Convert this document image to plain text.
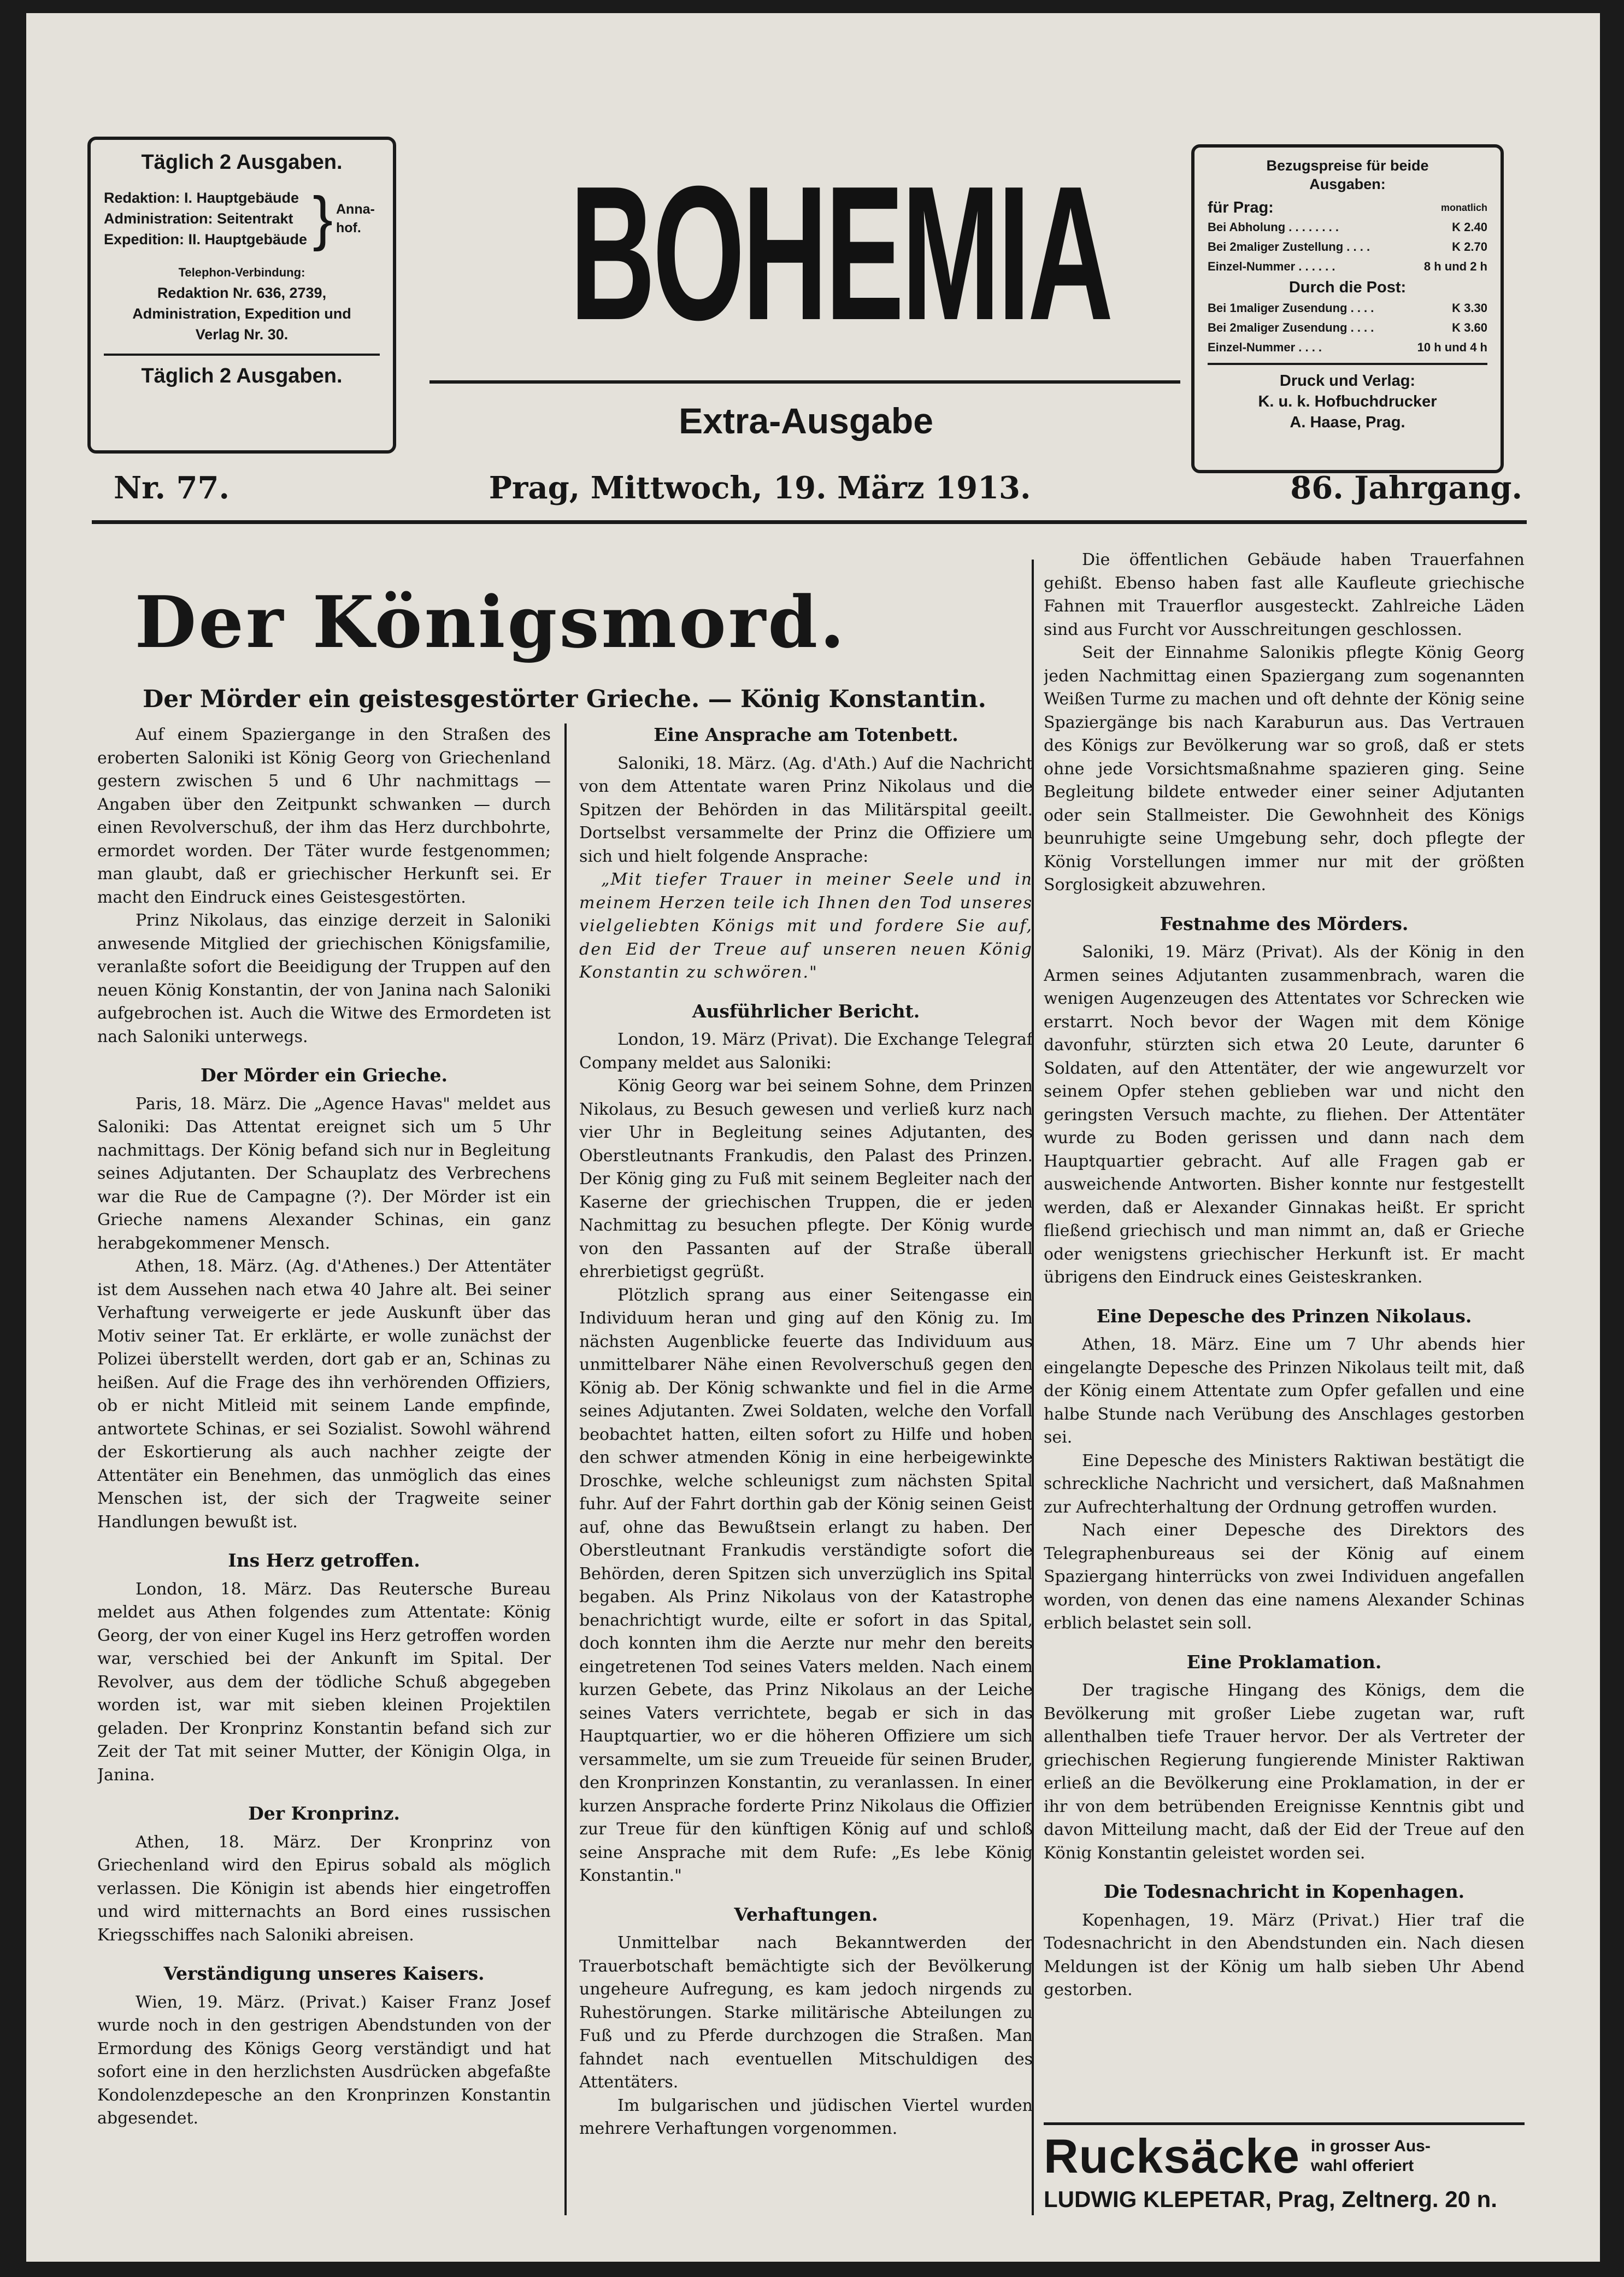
Täglich 2 Ausgaben.
Redaktion: I. Hauptgebäude
Administration: Seitentrakt
Expedition: II. Hauptgebäude } Anna-hof.
Telephon-Verbindung:
Redaktion Nr. 636, 2739,
Administration, Expedition und
Verlag Nr. 30.
Täglich 2 Ausgaben.
BOHEMIA
Extra-Ausgabe
Bezugspreise für beide
Ausgaben:
für Prag:	monatlich
Bei Abholung . . . . . . . .	K 2.40
Bei 2maliger Zustellung . . . .	K 2.70
Einzel-Nummer . . . . . .	8 h und 2 h
Durch die Post:
Bei 1maliger Zusendung . . . .	K 3.30
Bei 2maliger Zusendung . . . .	K 3.60
Einzel-Nummer . . . .	10 h und 4 h
Druck und Verlag:
K. u. k. Hofbuchdrucker
A. Haase, Prag.
Nr. 77.	Prag, Mittwoch, 19. März 1913.	86. Jahrgang.
Der Königsmord.
Der Mörder ein geistesgestörter Grieche. — König Konstantin.

Auf einem Spaziergange in den Straßen des eroberten Saloniki ist König Georg von Griechenland gestern zwischen 5 und 6 Uhr nachmittags — Angaben über den Zeitpunkt schwanken — durch einen Revolverschuß, der ihm das Herz durchbohrte, ermordet worden. Der Täter wurde festgenommen; man glaubt, daß er griechischer Herkunft sei. Er macht den Eindruck eines Geistesgestörten.

Prinz Nikolaus, das einzige derzeit in Saloniki anwesende Mitglied der griechischen Königsfamilie, veranlaßte sofort die Beeidigung der Truppen auf den neuen König Konstantin, der von Janina nach Saloniki aufgebrochen ist. Auch die Witwe des Ermordeten ist nach Saloniki unterwegs.

Der Mörder ein Grieche.

Paris, 18. März. Die „Agence Havas" meldet aus Saloniki: Das Attentat ereignet sich um 5 Uhr nachmittags. Der König befand sich nur in Begleitung seines Adjutanten. Der Schauplatz des Verbrechens war die Rue de Campagne (?). Der Mörder ist ein Grieche namens Alexander Schinas, ein ganz herabgekommener Mensch.

Athen, 18. März. (Ag. d'Athenes.) Der Attentäter ist dem Aussehen nach etwa 40 Jahre alt. Bei seiner Verhaftung verweigerte er jede Auskunft über das Motiv seiner Tat. Er erklärte, er wolle zunächst der Polizei überstellt werden, dort gab er an, Schinas zu heißen. Auf die Frage des ihn verhörenden Offiziers, ob er nicht Mitleid mit seinem Lande empfinde, antwortete Schinas, er sei Sozialist. Sowohl während der Eskortierung als auch nachher zeigte der Attentäter ein Benehmen, das unmöglich das eines Menschen ist, der sich der Tragweite seiner Handlungen bewußt ist.

Ins Herz getroffen.

London, 18. März. Das Reutersche Bureau meldet aus Athen folgendes zum Attentate: König Georg, der von einer Kugel ins Herz getroffen worden war, verschied bei der Ankunft im Spital. Der Revolver, aus dem der tödliche Schuß abgegeben worden ist, war mit sieben kleinen Projektilen geladen. Der Kronprinz Konstantin befand sich zur Zeit der Tat mit seiner Mutter, der Königin Olga, in Janina.

Der Kronprinz.

Athen, 18. März. Der Kronprinz von Griechenland wird den Epirus sobald als möglich verlassen. Die Königin ist abends hier eingetroffen und wird mitternachts an Bord eines russischen Kriegsschiffes nach Saloniki abreisen.

Verständigung unseres Kaisers.

Wien, 19. März. (Privat.) Kaiser Franz Josef wurde noch in den gestrigen Abendstunden von der Ermordung des Königs Georg verständigt und hat sofort eine in den herzlichsten Ausdrücken abgefaßte Kondolenzdepesche an den Kronprinzen Konstantin abgesendet.

Eine Ansprache am Totenbett.

Saloniki, 18. März. (Ag. d'Ath.) Auf die Nachricht von dem Attentate waren Prinz Nikolaus und die Spitzen der Behörden in das Militärspital geeilt. Dortselbst versammelte der Prinz die Offiziere um sich und hielt folgende Ansprache:

„Mit tiefer Trauer in meiner Seele und in meinem Herzen teile ich Ihnen den Tod unseres vielgeliebten Königs mit und fordere Sie auf, den Eid der Treue auf unseren neuen König Konstantin zu schwören."

Ausführlicher Bericht.

London, 19. März (Privat). Die Exchange Telegraf Company meldet aus Saloniki:

König Georg war bei seinem Sohne, dem Prinzen Nikolaus, zu Besuch gewesen und verließ kurz nach vier Uhr in Begleitung seines Adjutanten, des Oberstleutnants Frankudis, den Palast des Prinzen. Der König ging zu Fuß mit seinem Begleiter nach der Kaserne der griechischen Truppen, die er jeden Nachmittag zu besuchen pflegte. Der König wurde von den Passanten auf der Straße überall ehrerbietigst gegrüßt.

Plötzlich sprang aus einer Seitengasse ein Individuum heran und ging auf den König zu. Im nächsten Augenblicke feuerte das Individuum aus unmittelbarer Nähe einen Revolverschuß gegen den König ab. Der König schwankte und fiel in die Arme seines Adjutanten. Zwei Soldaten, welche den Vorfall beobachtet hatten, eilten sofort zu Hilfe und hoben den schwer atmenden König in eine herbeigewinkte Droschke, welche schleunigst zum nächsten Spital fuhr. Auf der Fahrt dorthin gab der König seinen Geist auf, ohne das Bewußtsein erlangt zu haben. Der Oberstleutnant Frankudis verständigte sofort die Behörden, deren Spitzen sich unverzüglich ins Spital begaben. Als Prinz Nikolaus von der Katastrophe benachrichtigt wurde, eilte er sofort in das Spital, doch konnten ihm die Aerzte nur mehr den bereits eingetretenen Tod seines Vaters melden. Nach einem kurzen Gebete, das Prinz Nikolaus an der Leiche seines Vaters verrichtete, begab er sich in das Hauptquartier, wo er die höheren Offiziere um sich versammelte, um sie zum Treueide für seinen Bruder, den Kronprinzen Konstantin, zu veranlassen. In einer kurzen Ansprache forderte Prinz Nikolaus die Offizier zur Treue für den künftigen König auf und schloß seine Ansprache mit dem Rufe: „Es lebe König Konstantin."

Verhaftungen.

Unmittelbar nach Bekanntwerden der Trauerbotschaft bemächtigte sich der Bevölkerung ungeheure Aufregung, es kam jedoch nirgends zu Ruhestörungen. Starke militärische Abteilungen zu Fuß und zu Pferde durchzogen die Straßen. Man fahndet nach eventuellen Mitschuldigen des Attentäters.

Im bulgarischen und jüdischen Viertel wurden mehrere Verhaftungen vorgenommen.

Die öffentlichen Gebäude haben Trauerfahnen gehißt. Ebenso haben fast alle Kaufleute griechische Fahnen mit Trauerflor ausgesteckt. Zahlreiche Läden sind aus Furcht vor Ausschreitungen geschlossen.

Seit der Einnahme Salonikis pflegte König Georg jeden Nachmittag einen Spaziergang zum sogenannten Weißen Turme zu machen und oft dehnte der König seine Spaziergänge bis nach Karaburun aus. Das Vertrauen des Königs zur Bevölkerung war so groß, daß er stets ohne jede Vorsichtsmaßnahme spazieren ging. Seine Begleitung bildete entweder einer seiner Adjutanten oder sein Stallmeister. Die Gewohnheit des Königs beunruhigte seine Umgebung sehr, doch pflegte der König Vorstellungen immer nur mit der größten Sorglosigkeit abzuwehren.

Festnahme des Mörders.

Saloniki, 19. März (Privat). Als der König in den Armen seines Adjutanten zusammenbrach, waren die wenigen Augenzeugen des Attentates vor Schrecken wie erstarrt. Noch bevor der Wagen mit dem Könige davonfuhr, stürzten sich etwa 20 Leute, darunter 6 Soldaten, auf den Attentäter, der wie angewurzelt vor seinem Opfer stehen geblieben war und nicht den geringsten Versuch machte, zu fliehen. Der Attentäter wurde zu Boden gerissen und dann nach dem Hauptquartier gebracht. Auf alle Fragen gab er ausweichende Antworten. Bisher konnte nur festgestellt werden, daß er Alexander Ginnakas heißt. Er spricht fließend griechisch und man nimmt an, daß er Grieche oder wenigstens griechischer Herkunft ist. Er macht übrigens den Eindruck eines Geisteskranken.

Eine Depesche des Prinzen Nikolaus.

Athen, 18. März. Eine um 7 Uhr abends hier eingelangte Depesche des Prinzen Nikolaus teilt mit, daß der König einem Attentate zum Opfer gefallen und eine halbe Stunde nach Verübung des Anschlages gestorben sei.

Eine Depesche des Ministers Raktiwan bestätigt die schreckliche Nachricht und versichert, daß Maßnahmen zur Aufrechterhaltung der Ordnung getroffen wurden.

Nach einer Depesche des Direktors des Telegraphenbureaus sei der König auf einem Spaziergang hinterrücks von zwei Individuen angefallen worden, von denen das eine namens Alexander Schinas erblich belastet sein soll.

Eine Proklamation.

Der tragische Hingang des Königs, dem die Bevölkerung mit großer Liebe zugetan war, ruft allenthalben tiefe Trauer hervor. Der als Vertreter der griechischen Regierung fungierende Minister Raktiwan erließ an die Bevölkerung eine Proklamation, in der er ihr von dem betrübenden Ereignisse Kenntnis gibt und davon Mitteilung macht, daß der Eid der Treue auf den König Konstantin geleistet worden sei.

Die Todesnachricht in Kopenhagen.

Kopenhagen, 19. März (Privat.) Hier traf die Todesnachricht in den Abendstunden ein. Nach diesen Meldungen ist der König um halb sieben Uhr Abend gestorben.

Rucksäcke in grosser Aus-
wahl offeriert
LUDWIG KLEPETAR, Prag, Zeltnerg. 20 n.
